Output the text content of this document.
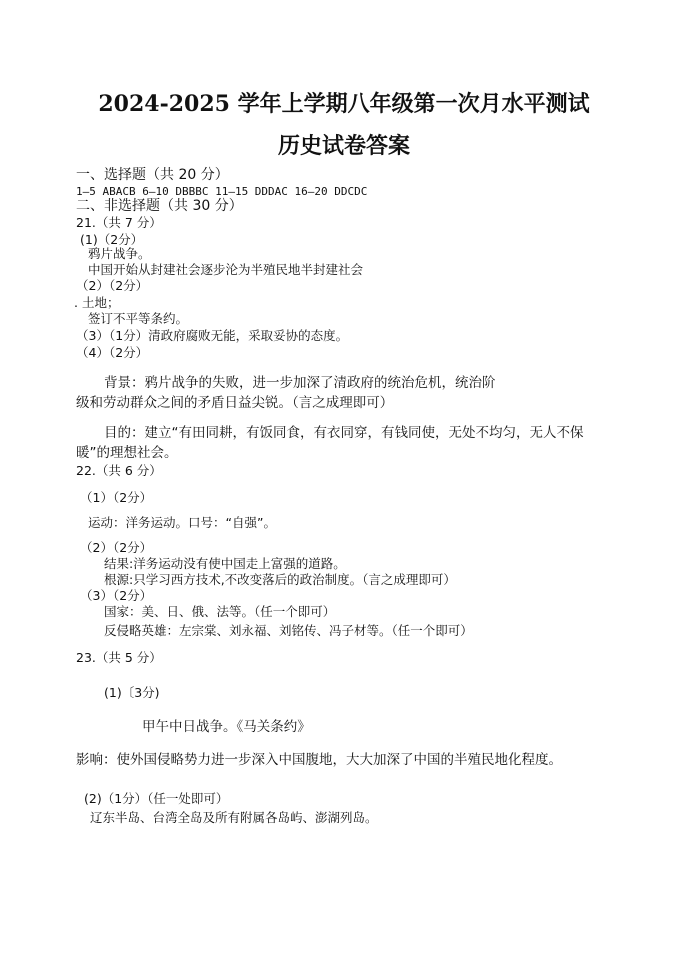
2024-2025 学年上学期八年级第一次月水平测试
历史试卷答案
一、选择题（共 20 分）
1—5 ABACB 6—10 DBBBC 11—15 DDDAC 16—20 DDCDC
二、非选择题（共 30 分）
21.（共 7 分）
(1)（2分）
鸦片战争。
中国开始从封建社会逐步沦为半殖民地半封建社会
（2）（2分）
. 土地；
签订不平等条约。
（3）（1分）清政府腐败无能，采取妥协的态度。
（4）（2分）
背景：鸦片战争的失败，进一步加深了清政府的统治危机，统治阶
级和劳动群众之间的矛盾日益尖锐。（言之成理即可）
目的：建立“有田同耕，有饭同食，有衣同穿，有钱同使，无处不均匀，无人不保
暖”的理想社会。
22.（共 6 分）
（1）（2分）
运动：洋务运动。口号：“自强”。
（2）（2分）
结果:洋务运动没有使中国走上富强的道路。
根源:只学习西方技术,不改变落后的政治制度。（言之成理即可）
（3）（2分）
国家：美、日、俄、法等。（任一个即可）
反侵略英雄：左宗棠、刘永福、刘铭传、冯子材等。（任一个即可）
23.（共 5 分）
(1)〔3分)
甲午中日战争。《马关条约》
影响：使外国侵略势力进一步深入中国腹地，大大加深了中国的半殖民地化程度。
(2)（1分）（任一处即可）
辽东半岛、台湾全岛及所有附属各岛屿、澎湖列岛。
